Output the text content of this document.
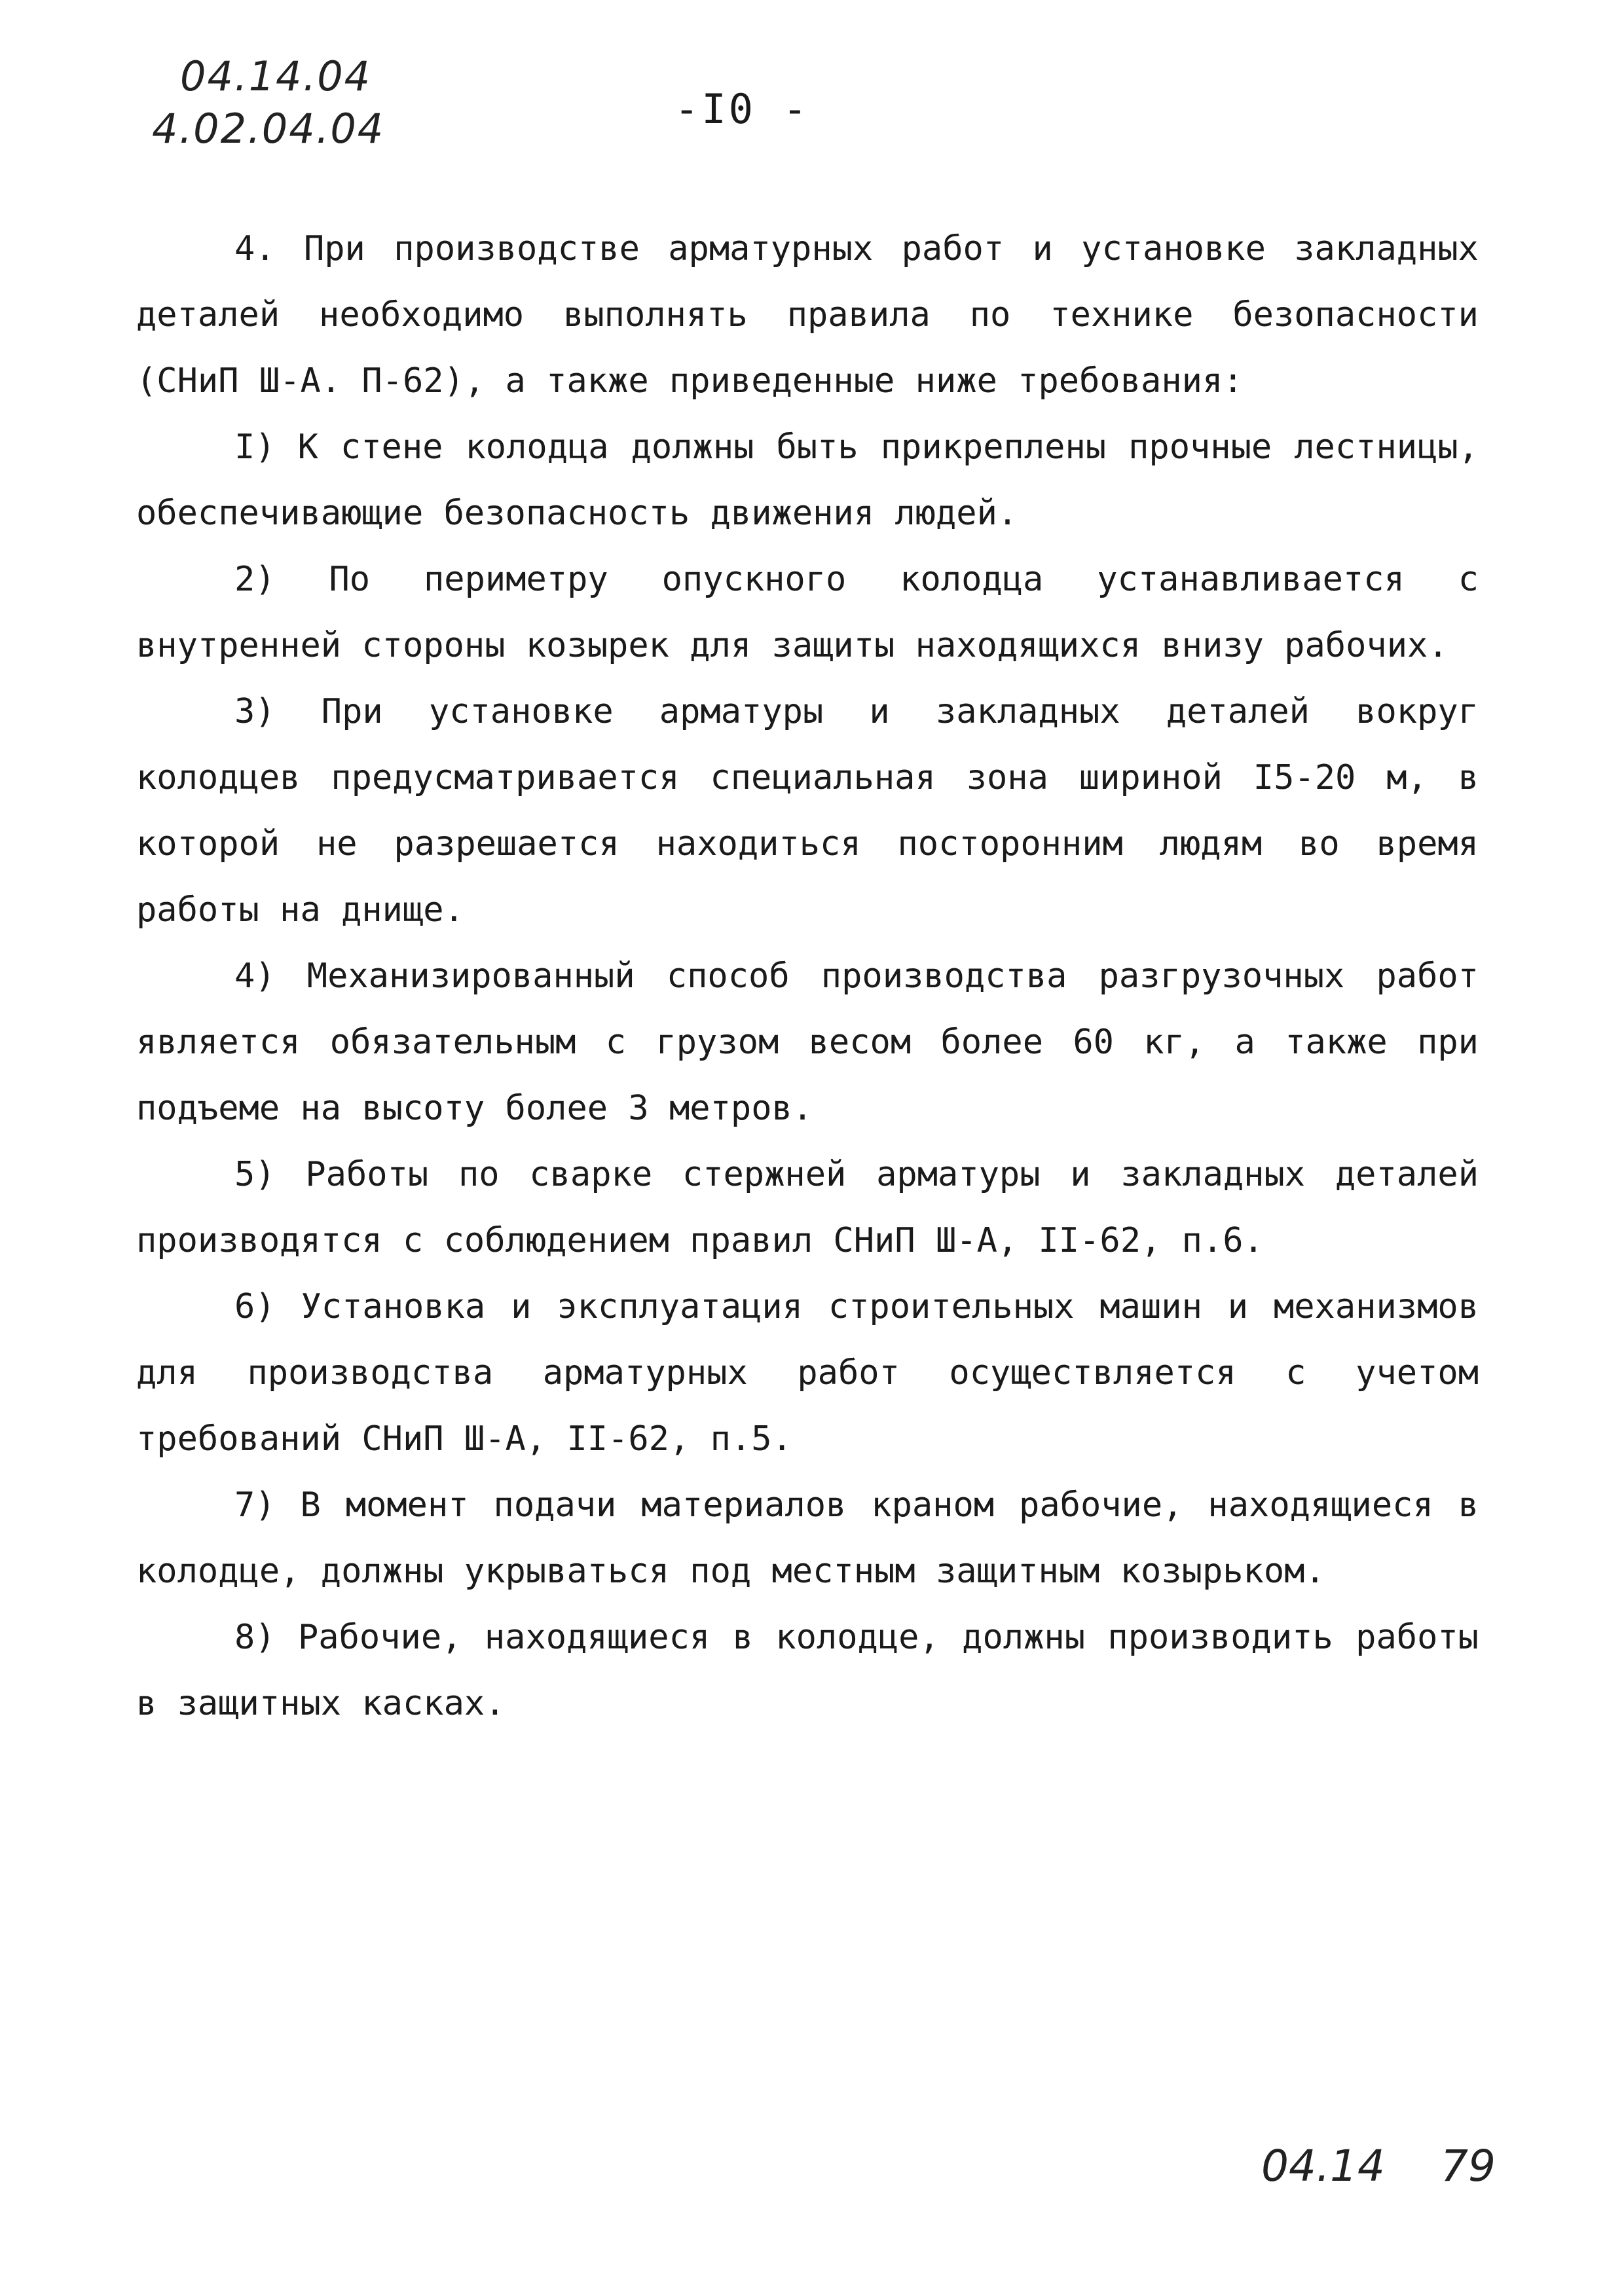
04.14.04
4.02.04.04	-I0 -

4. При производстве арматурных работ и установке закладных деталей необходимо выполнять правила по технике безопасности (СНиП Ш-А. П-62), а также приведенные ниже требования:

I) К стене колодца должны быть прикреплены прочные лестницы, обеспечивающие безопасность движения людей.

2) По периметру опускного колодца устанавливается с внутренней стороны козырек для защиты находящихся внизу рабочих.

3) При установке арматуры и закладных деталей вокруг колодцев предусматривается специальная зона шириной I5-20 м, в которой не разрешается находиться посторонним людям во время работы на днище.

4) Механизированный способ производства разгрузочных работ является обязательным с грузом весом более 60 кг, а также при подъеме на высоту более 3 метров.

5) Работы по сварке стержней арматуры и закладных деталей производятся с соблюдением правил СНиП Ш-А, II-62, п.6.

6) Установка и эксплуатация строительных машин и механизмов для производства арматурных работ осуществляется с учетом требований СНиП Ш-А, II-62, п.5.

7) В момент подачи материалов краном рабочие, находящиеся в колодце, должны укрываться под местным защитным козырьком.

8) Рабочие, находящиеся в колодце, должны производить работы в защитных касках.

04.14 79
